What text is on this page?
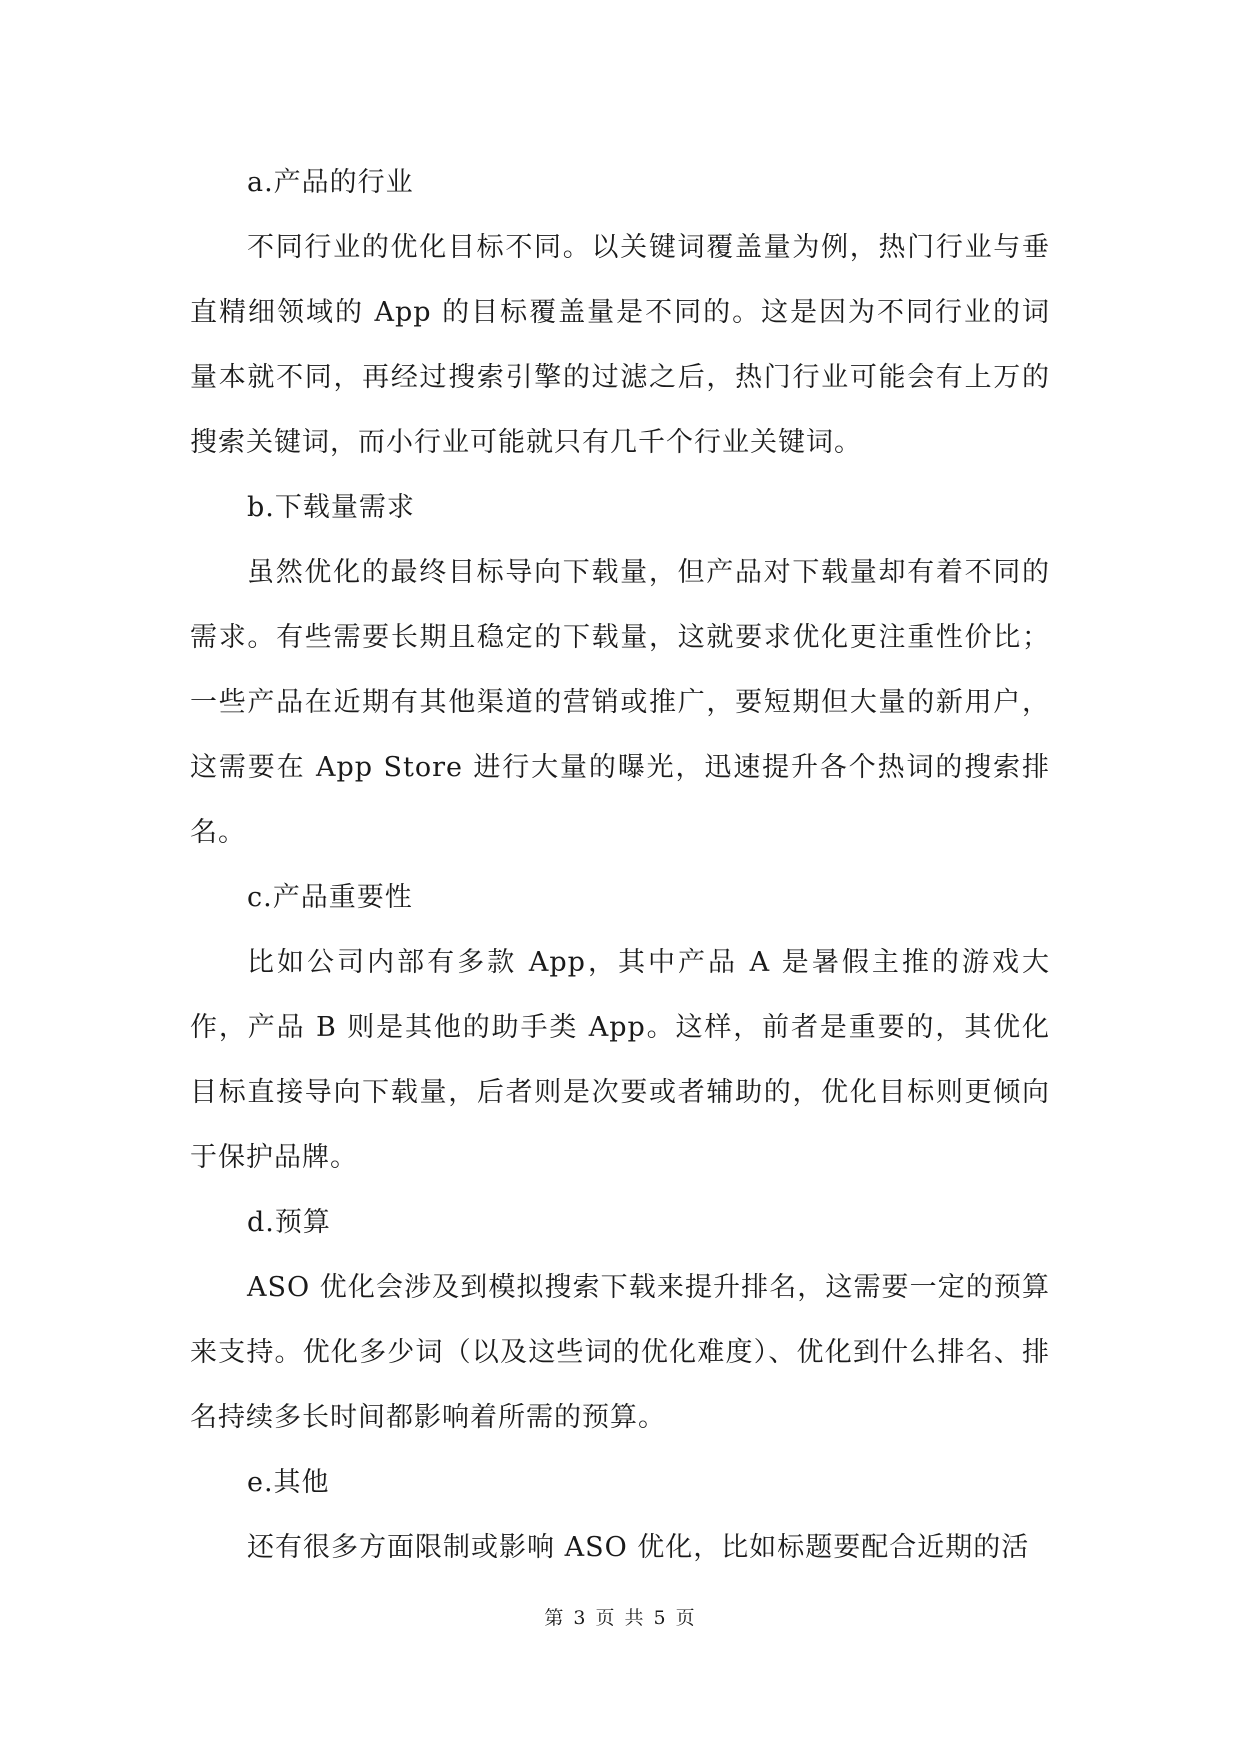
a.产品的行业

不同行业的优化目标不同。以关键词覆盖量为例，热门行业与垂直精细领域的 App 的目标覆盖量是不同的。这是因为不同行业的词量本就不同，再经过搜索引擎的过滤之后，热门行业可能会有上万的搜索关键词，而小行业可能就只有几千个行业关键词。

b.下载量需求

虽然优化的最终目标导向下载量，但产品对下载量却有着不同的需求。有些需要长期且稳定的下载量，这就要求优化更注重性价比；一些产品在近期有其他渠道的营销或推广，要短期但大量的新用户，这需要在 App Store 进行大量的曝光，迅速提升各个热词的搜索排名。

c.产品重要性

比如公司内部有多款 App，其中产品 A 是暑假主推的游戏大作，产品 B 则是其他的助手类 App。这样，前者是重要的，其优化目标直接导向下载量，后者则是次要或者辅助的，优化目标则更倾向于保护品牌。

d.预算

ASO 优化会涉及到模拟搜索下载来提升排名，这需要一定的预算来支持。优化多少词（以及这些词的优化难度）、优化到什么排名、排名持续多长时间都影响着所需的预算。

e.其他

还有很多方面限制或影响 ASO 优化，比如标题要配合近期的活

第 3 页 共 5 页
